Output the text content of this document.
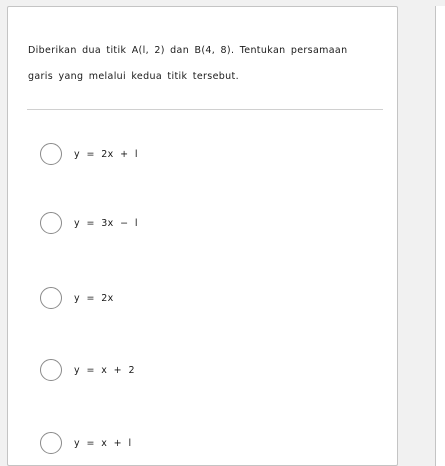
Diberikan dua titik A(l, 2) dan B(4, 8). Tentukan persamaan garis yang melalui kedua titik tersebut.
y = 2x + l
y = 3x − l
y = 2x
y = x + 2
y = x + l
